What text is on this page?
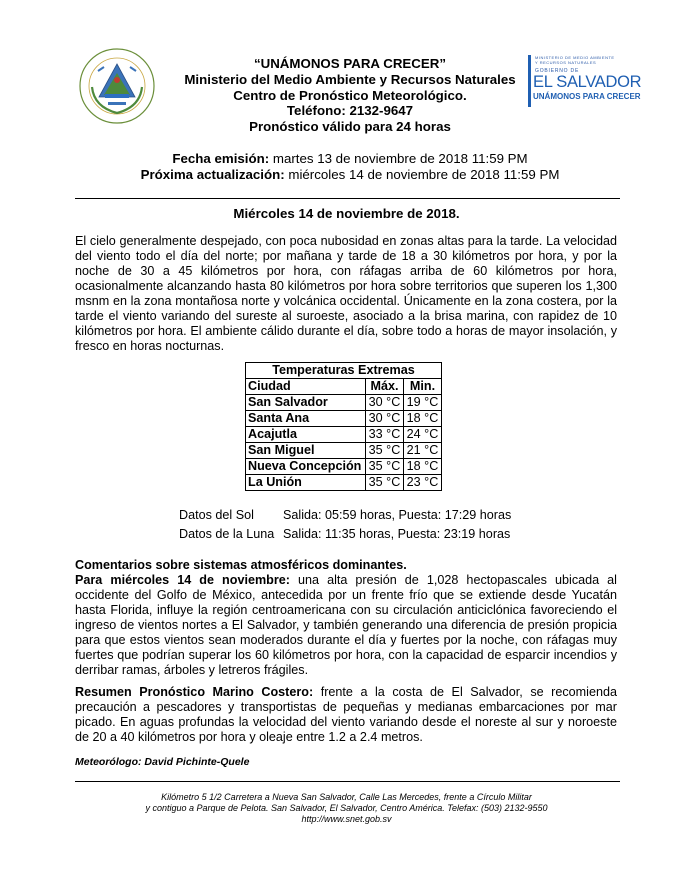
MINISTERIO DE MEDIO AMBIENTE
Y RECURSOS NATURALES
GOBIERNO DE
EL SALVADOR
UNÁMONOS PARA CRECER
“UNÁMONOS PARA CRECER”
Ministerio del Medio Ambiente y Recursos Naturales
Centro de Pronóstico Meteorológico.
Teléfono: 2132-9647
Pronóstico válido para 24 horas
Fecha emisión: martes 13 de noviembre de 2018 11:59 PM
Próxima actualización: miércoles 14 de noviembre de 2018 11:59 PM
Miércoles 14 de noviembre de 2018.
El cielo generalmente despejado, con poca nubosidad en zonas altas para la tarde. La velocidad del viento todo el día del norte; por mañana y tarde de 18 a 30 kilómetros por hora, y por la noche de 30 a 45 kilómetros por hora, con ráfagas arriba de 60 kilómetros por hora, ocasionalmente alcanzando hasta 80 kilómetros por hora sobre territorios que superen los 1,300 msnm en la zona montañosa norte y volcánica occidental. Únicamente en la zona costera, por la tarde el viento variando del sureste al suroeste, asociado a la brisa marina, con rapidez de 10 kilómetros por hora. El ambiente cálido durante el día, sobre todo a horas de mayor insolación, y fresco en horas nocturnas.
Temperaturas Extremas		
Ciudad	Máx.	Min.
San Salvador	30 °C	19 °C
Santa Ana	30 °C	18 °C
Acajutla	33 °C	24 °C
San Miguel	35 °C	21 °C
Nueva Concepción	35 °C	18 °C
La Unión	35 °C	23 °C
Datos del Sol Salida: 05:59 horas, Puesta: 17:29 horas
Datos de la Luna Salida: 11:35 horas, Puesta: 23:19 horas
Comentarios sobre sistemas atmosféricos dominantes.
Para miércoles 14 de noviembre: una alta presión de 1,028 hectopascales ubicada al occidente del Golfo de México, antecedida por un frente frío que se extiende desde Yucatán hasta Florida, influye la región centroamericana con su circulación anticiclónica favoreciendo el ingreso de vientos nortes a El Salvador, y también generando una diferencia de presión propicia para que estos vientos sean moderados durante el día y fuertes por la noche, con ráfagas muy fuertes que podrían superar los 60 kilómetros por hora, con la capacidad de esparcir incendios y derribar ramas, árboles y letreros frágiles.
Resumen Pronóstico Marino Costero: frente a la costa de El Salvador, se recomienda precaución a pescadores y transportistas de pequeñas y medianas embarcaciones por mar picado. En aguas profundas la velocidad del viento variando desde el noreste al sur y noroeste de 20 a 40 kilómetros por hora y oleaje entre 1.2 a 2.4 metros.
Meteorólogo: David Pichinte-Quele
Kilómetro 5 1/2 Carretera a Nueva San Salvador, Calle Las Mercedes, frente a Círculo Militar
y contiguo a Parque de Pelota. San Salvador, El Salvador, Centro América. Telefax: (503) 2132-9550
http://www.snet.gob.sv
